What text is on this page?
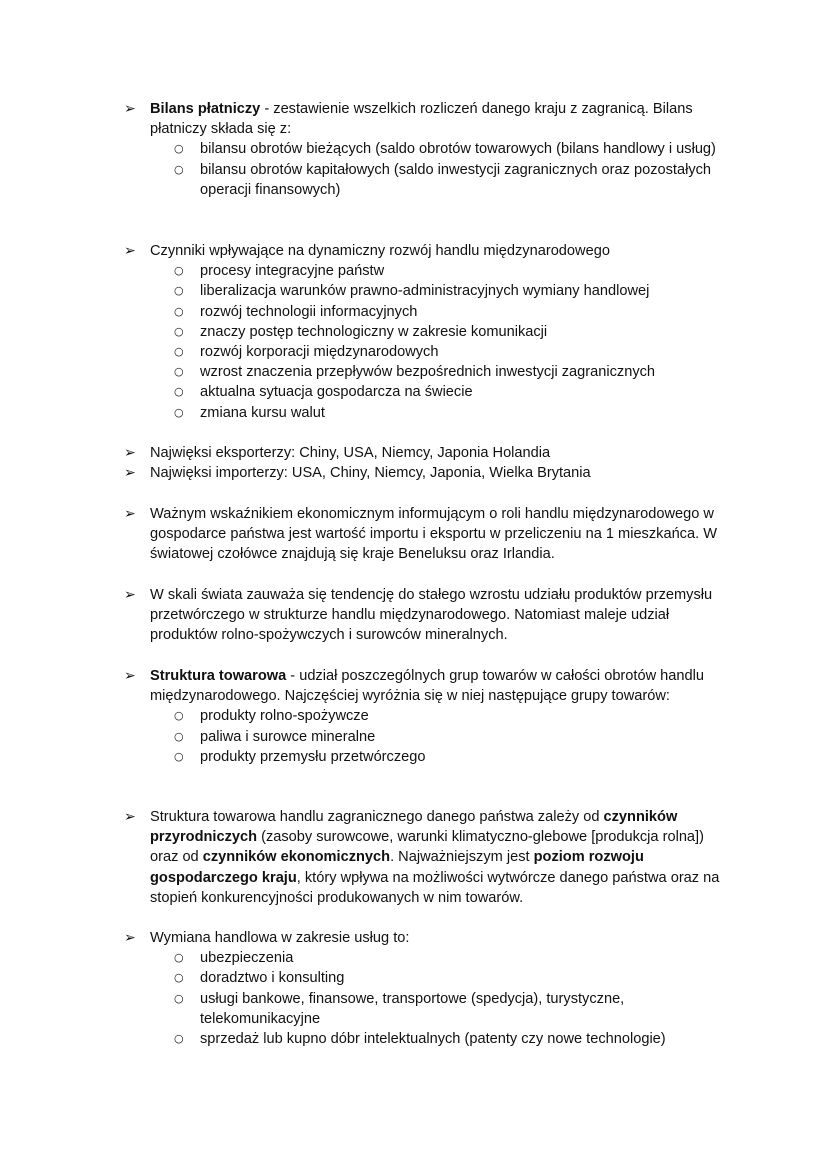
➢ Bilans płatniczy - zestawienie wszelkich rozliczeń danego kraju z zagranicą. Bilans płatniczy składa się z:
○ bilansu obrotów bieżących (saldo obrotów towarowych (bilans handlowy i usług)
○ bilansu obrotów kapitałowych (saldo inwestycji zagranicznych oraz pozostałych operacji finansowych)
➢ Czynniki wpływające na dynamiczny rozwój handlu międzynarodowego
○ procesy integracyjne państw
○ liberalizacja warunków prawno-administracyjnych wymiany handlowej
○ rozwój technologii informacyjnych
○ znaczy postęp technologiczny w zakresie komunikacji
○ rozwój korporacji międzynarodowych
○ wzrost znaczenia przepływów bezpośrednich inwestycji zagranicznych
○ aktualna sytuacja gospodarcza na świecie
○ zmiana kursu walut
➢ Najwięksi eksporterzy: Chiny, USA, Niemcy, Japonia Holandia
➢ Najwięksi importerzy: USA, Chiny, Niemcy, Japonia, Wielka Brytania
➢ Ważnym wskaźnikiem ekonomicznym informującym o roli handlu międzynarodowego w gospodarce państwa jest wartość importu i eksportu w przeliczeniu na 1 mieszkańca. W światowej czołówce znajdują się kraje Beneluksu oraz Irlandia.
➢ W skali świata zauważa się tendencję do stałego wzrostu udziału produktów przemysłu przetwórczego w strukturze handlu międzynarodowego. Natomiast maleje udział produktów rolno-spożywczych i surowców mineralnych.
➢ Struktura towarowa - udział poszczególnych grup towarów w całości obrotów handlu międzynarodowego. Najczęściej wyróżnia się w niej następujące grupy towarów:
○ produkty rolno-spożywcze
○ paliwa i surowce mineralne
○ produkty przemysłu przetwórczego
➢ Struktura towarowa handlu zagranicznego danego państwa zależy od czynników przyrodniczych (zasoby surowcowe, warunki klimatyczno-glebowe [produkcja rolna]) oraz od czynników ekonomicznych. Najważniejszym jest poziom rozwoju gospodarczego kraju, który wpływa na możliwości wytwórcze danego państwa oraz na stopień konkurencyjności produkowanych w nim towarów.
➢ Wymiana handlowa w zakresie usług to:
○ ubezpieczenia
○ doradztwo i konsulting
○ usługi bankowe, finansowe, transportowe (spedycja), turystyczne, telekomunikacyjne
○ sprzedaż lub kupno dóbr intelektualnych (patenty czy nowe technologie)
